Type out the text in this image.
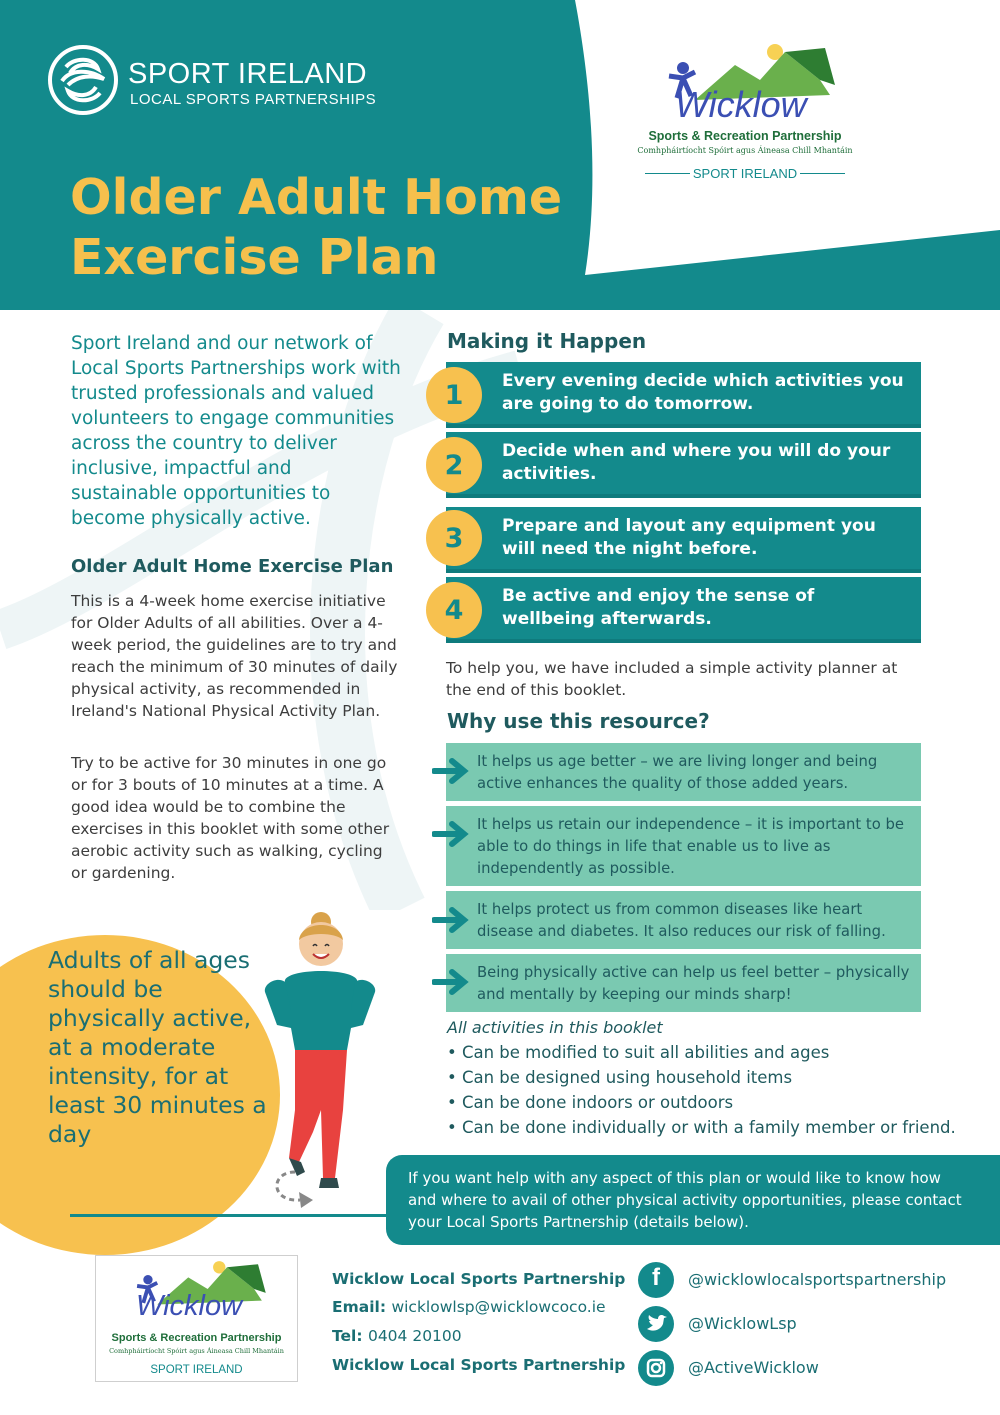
SPORT IRELAND
LOCAL SPORTS PARTNERSHIPS
Older Adult Home
Exercise Plan
Wicklow
Sports & Recreation Partnership
Comhpháirtíocht Spóirt agus Áineasa Chill Mhantáin
SPORT IRELAND
Sport Ireland and our network of Local Sports Partnerships work with trusted professionals and valued volunteers to engage communities across the country to deliver inclusive, impactful and sustainable opportunities to become physically active.
Older Adult Home Exercise Plan
This is a 4-week home exercise initiative for Older Adults of all abilities. Over a 4-week period, the guidelines are to try and reach the minimum of 30 minutes of daily physical activity, as recommended in Ireland's National Physical Activity Plan.
Try to be active for 30 minutes in one go or for 3 bouts of 10 minutes at a time. A good idea would be to combine the exercises in this booklet with some other aerobic activity such as walking, cycling or gardening.
Adults of all ages should be physically active, at a moderate intensity, for at least 30 minutes a day
Making it Happen
Every evening decide which activities you are going to do tomorrow.
1
Decide when and where you will do your activities.
2
Prepare and layout any equipment you will need the night before.
3
Be active and enjoy the sense of wellbeing afterwards.
4
To help you, we have included a simple activity planner at the end of this booklet.
Why use this resource?
It helps us age better – we are living longer and being active enhances the quality of those added years.
It helps us retain our independence – it is important to be able to do things in life that enable us to live as independently as possible.
It helps protect us from common diseases like heart disease and diabetes. It also reduces our risk of falling.
Being physically active can help us feel better – physically and mentally by keeping our minds sharp!
All activities in this booklet
• Can be modified to suit all abilities and ages
• Can be designed using household items
• Can be done indoors or outdoors
• Can be done individually or with a family member or friend.
If you want help with any aspect of this plan or would like to know how and where to avail of other physical activity opportunities, please contact your Local Sports Partnership (details below).
Wicklow
Sports & Recreation Partnership
Comhpháirtíocht Spóirt agus Áineasa Chill Mhantáin
SPORT IRELAND
Wicklow Local Sports Partnership
Email: wicklowlsp@wicklowcoco.ie
Tel: 0404 20100
Wicklow Local Sports Partnership
f	@wicklowlocalsportspartnership
@WicklowLsp
@ActiveWicklow
